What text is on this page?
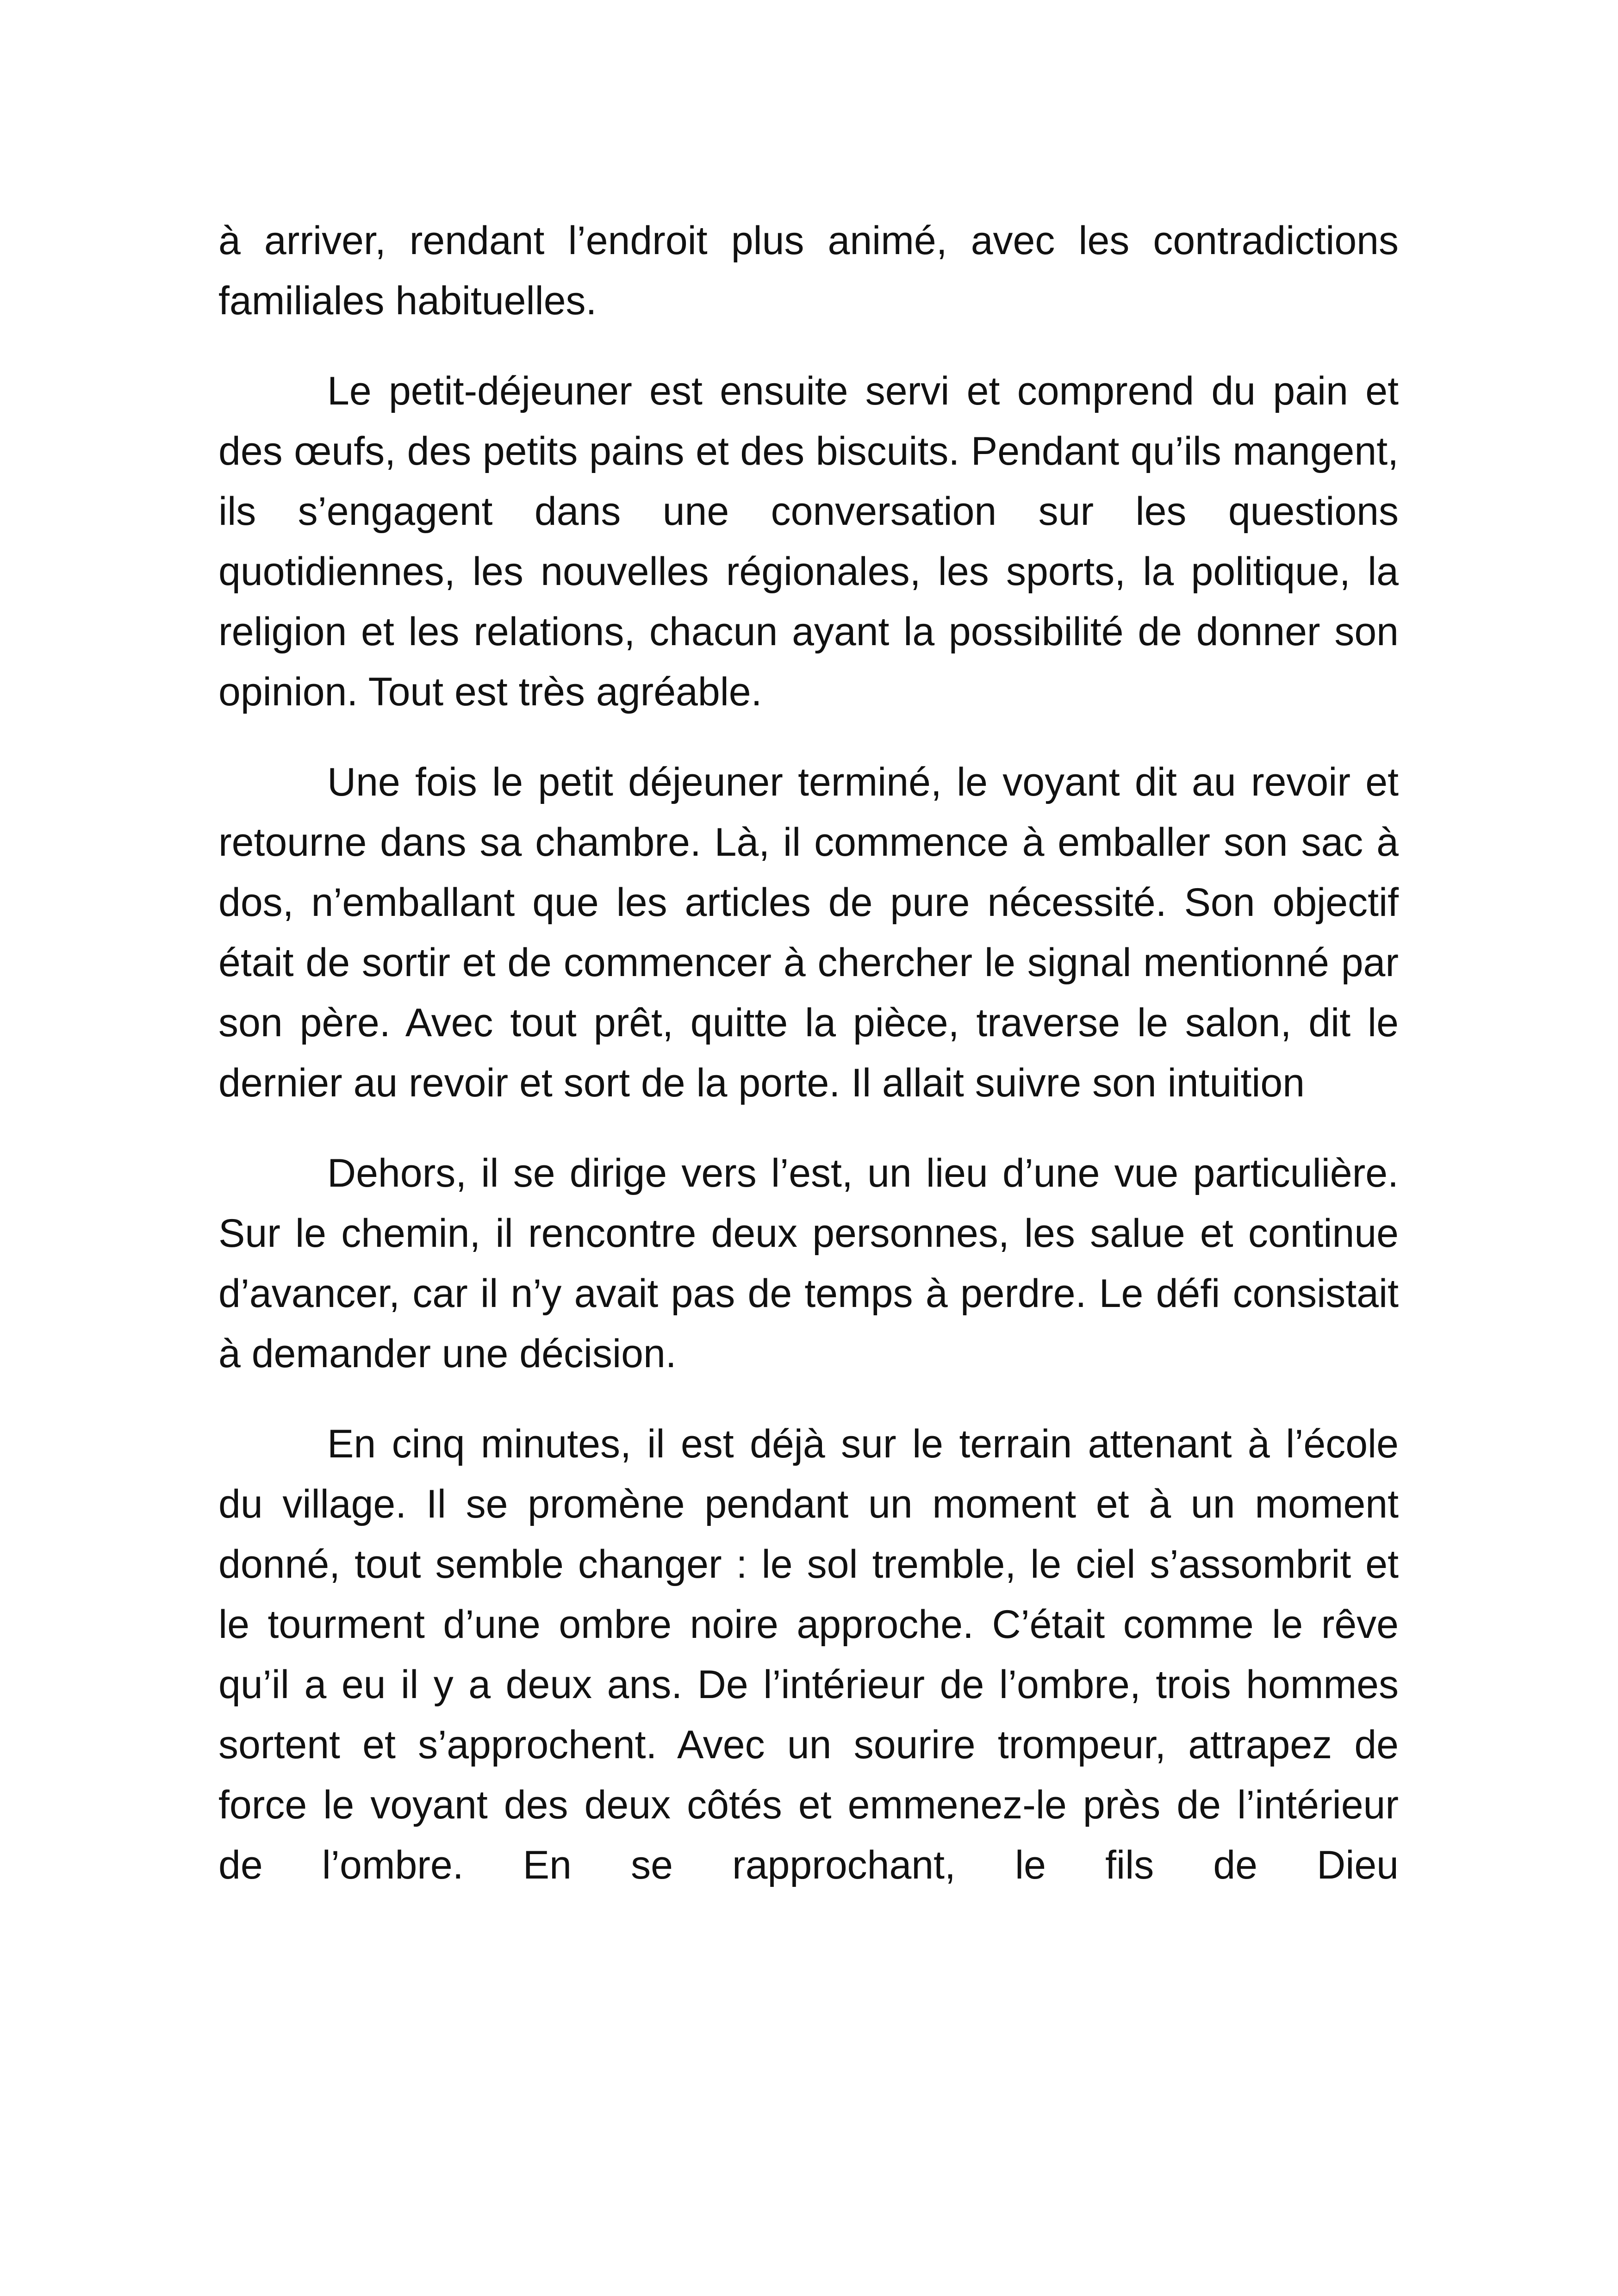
à arriver, rendant l’endroit plus animé, avec les contradictions familiales habituelles.

Le petit-déjeuner est ensuite servi et comprend du pain et des œufs, des petits pains et des biscuits. Pendant qu’ils mangent, ils s’engagent dans une conversation sur les questions quotidiennes, les nouvelles régionales, les sports, la politique, la religion et les relations, chacun ayant la possibilité de donner son opinion. Tout est très agréable.

Une fois le petit déjeuner terminé, le voyant dit au revoir et retourne dans sa chambre. Là, il commence à emballer son sac à dos, n’emballant que les articles de pure nécessité. Son objectif était de sortir et de commencer à chercher le signal mentionné par son père. Avec tout prêt, quitte la pièce, traverse le salon, dit le dernier au revoir et sort de la porte. Il allait suivre son intuition

Dehors, il se dirige vers l’est, un lieu d’une vue particulière. Sur le chemin, il rencontre deux personnes, les salue et continue d’avancer, car il n’y avait pas de temps à perdre. Le défi consistait à demander une décision.

En cinq minutes, il est déjà sur le terrain attenant à l’école du village. Il se promène pendant un moment et à un moment donné, tout semble changer : le sol tremble, le ciel s’assombrit et le tourment d’une ombre noire approche. C’était comme le rêve qu’il a eu il y a deux ans. De l’intérieur de l’ombre, trois hommes sortent et s’approchent. Avec un sourire trompeur, attrapez de force le voyant des deux côtés et emmenez-le près de l’intérieur de l’ombre. En se rapprochant, le fils de Dieu
